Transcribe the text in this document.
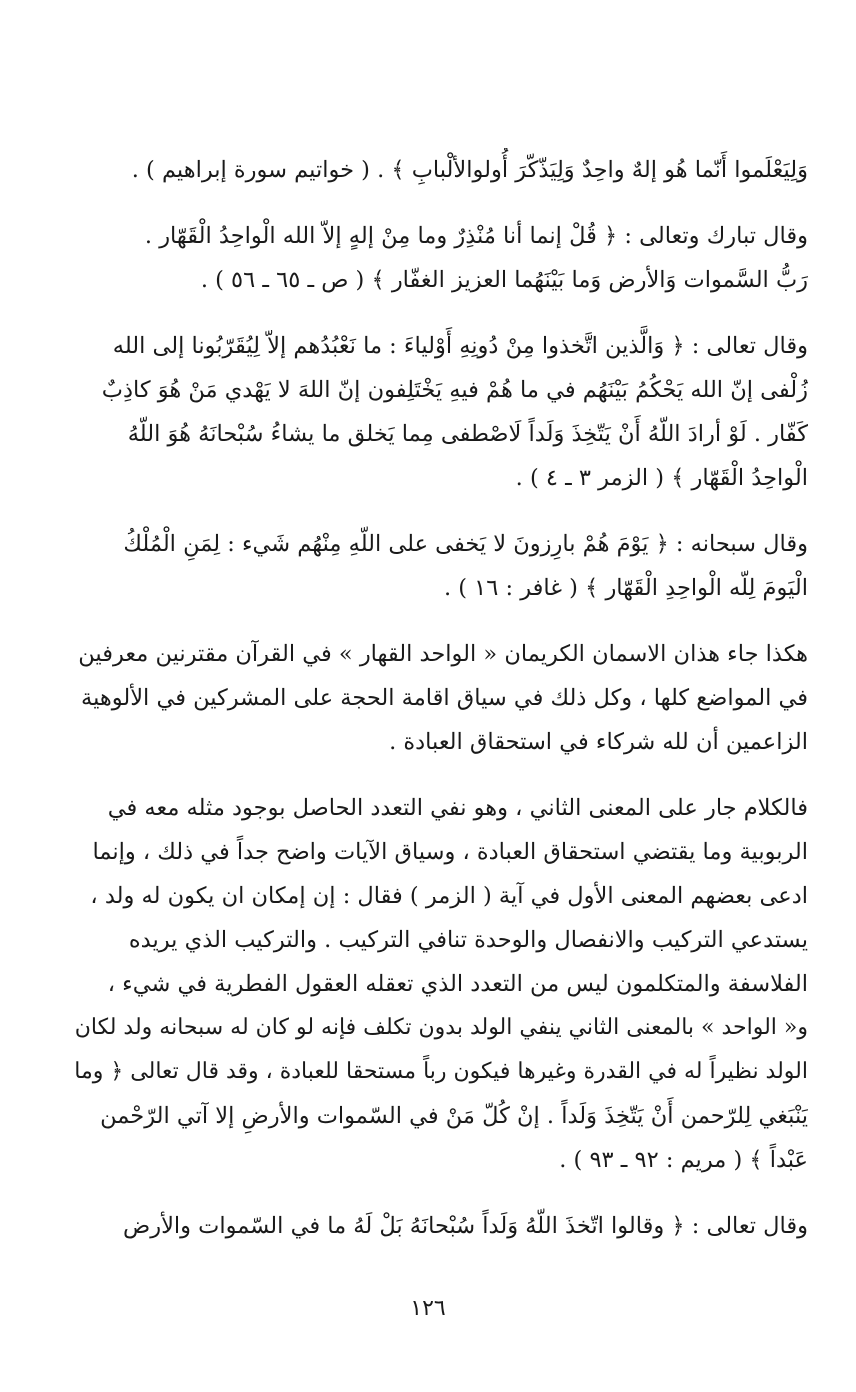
وَلِيَعْلَموا أَنّما هُو إلهٌ واحِدٌ وَلِيَذّكّرَ أُولوالألْبابِ ﴾ . ( خواتيم سورة إبراهيم ) .
وقال تبارك وتعالى : ﴿ قُلْ إنما أنا مُنْذِرٌ وما مِنْ إلهٍ إلاّ الله الْواحِدُ الْقَهّار .
رَبُّ السَّموات وَالأرض وَما بَيْنَهُما العزيز الغفّار ﴾ ( ص ـ ٦٥ ـ ٥٦ ) .
وقال تعالى : ﴿ وَالَّذين اتَّخذوا مِنْ دُونِهِ أَوْلياءَ : ما نَعْبُدُهم إلاّ لِيُقَرّبُونا إلى الله
زُلْفى إنّ الله يَحْكُمُ بَيْنَهُم في ما هُمْ فيهِ يَخْتَلِفون إنّ اللهَ لا يَهْدي مَنْ هُوَ كاذِبٌ
كَفّار . لَوْ أرادَ اللّهُ أَنْ يَتّخِذَ وَلَداً لَاصْطفى مِما يَخلق ما يشاءُ سُبْحانَهُ هُوَ اللّهُ
الْواحِدُ الْقَهّار ﴾ ( الزمر ٣ ـ ٤ ) .
وقال سبحانه : ﴿ يَوْمَ هُمْ بارِزونَ لا يَخفى على اللّهِ مِنْهُم شَيء : لِمَنِ الْمُلْكُ
الْيَومَ لِلّه الْواحِدِ الْقَهّار ﴾ ( غافر : ١٦ ) .
هكذا جاء هذان الاسمان الكريمان « الواحد القهار » في القرآن مقترنين معرفين
في المواضع كلها ، وكل ذلك في سياق اقامة الحجة على المشركين في الألوهية
الزاعمين أن لله شركاء في استحقاق العبادة .
فالكلام جار على المعنى الثاني ، وهو نفي التعدد الحاصل بوجود مثله معه في
الربوبية وما يقتضي استحقاق العبادة ، وسياق الآيات واضح جداً في ذلك ، وإنما
ادعى بعضهم المعنى الأول في آية ( الزمر ) فقال : إن إمكان ان يكون له ولد ،
يستدعي التركيب والانفصال والوحدة تنافي التركيب . والتركيب الذي يريده
الفلاسفة والمتكلمون ليس من التعدد الذي تعقله العقول الفطرية في شيء ،
و« الواحد » بالمعنى الثاني ينفي الولد بدون تكلف فإنه لو كان له سبحانه ولد لكان
الولد نظيراً له في القدرة وغيرها فيكون رباً مستحقا للعبادة ، وقد قال تعالى ﴿ وما
يَنْبَغي لِلرّحمن أَنْ يَتّخِذَ وَلَداً . إنْ كُلّ مَنْ في السّموات والأرضِ إلا آتي الرّحْمن
عَبْداً ﴾ ( مريم : ٩٢ ـ ٩٣ ) .
وقال تعالى : ﴿ وقالوا اتّخذَ اللّهُ وَلَداً سُبْحانَهُ بَلْ لَهُ ما في السّموات والأرض
١٢٦
